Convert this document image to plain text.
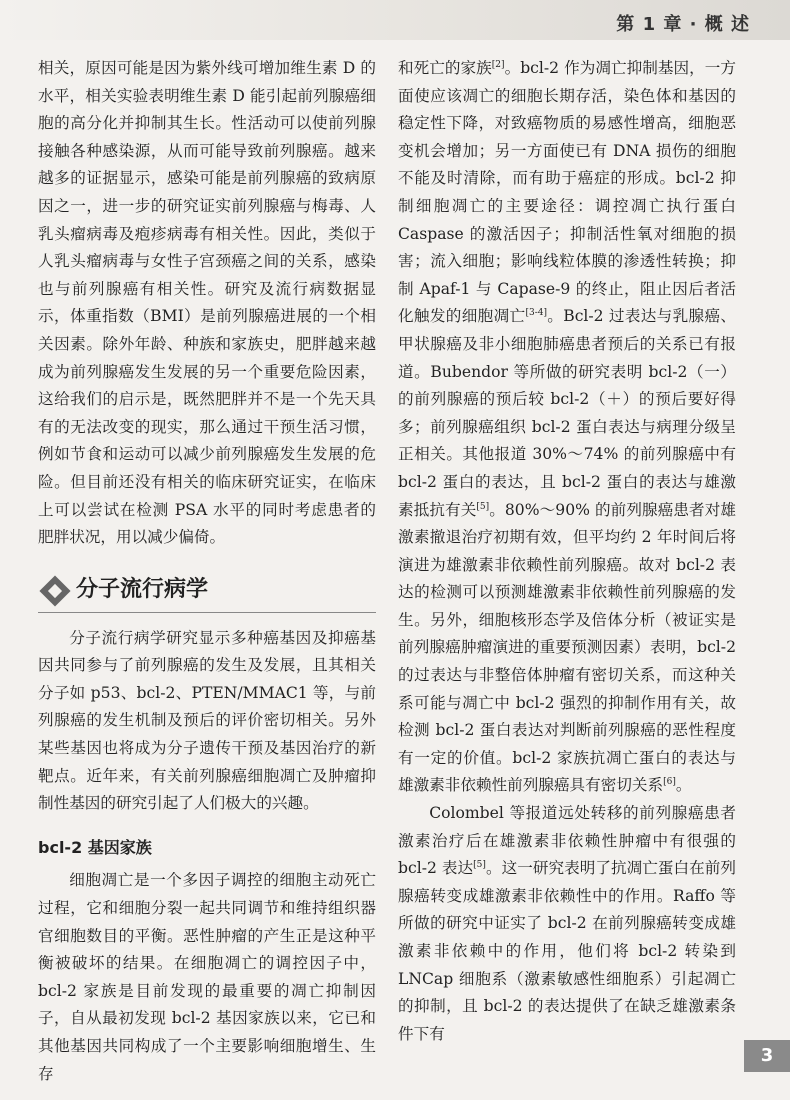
第 1 章 · 概 述

相关，原因可能是因为紫外线可增加维生素 D 的水平，相关实验表明维生素 D 能引起前列腺癌细胞的高分化并抑制其生长。性活动可以使前列腺接触各种感染源，从而可能导致前列腺癌。越来越多的证据显示，感染可能是前列腺癌的致病原因之一，进一步的研究证实前列腺癌与梅毒、人乳头瘤病毒及疱疹病毒有相关性。因此，类似于人乳头瘤病毒与女性子宫颈癌之间的关系，感染也与前列腺癌有相关性。研究及流行病数据显示，体重指数（BMI）是前列腺癌进展的一个相关因素。除外年龄、种族和家族史，肥胖越来越成为前列腺癌发生发展的另一个重要危险因素，这给我们的启示是，既然肥胖并不是一个先天具有的无法改变的现实，那么通过干预生活习惯，例如节食和运动可以减少前列腺癌发生发展的危险。但目前还没有相关的临床研究证实，在临床上可以尝试在检测 PSA 水平的同时考虑患者的肥胖状况，用以减少偏倚。

分子流行病学

分子流行病学研究显示多种癌基因及抑癌基因共同参与了前列腺癌的发生及发展，且其相关分子如 p53、bcl-2、PTEN/MMAC1 等，与前列腺癌的发生机制及预后的评价密切相关。另外某些基因也将成为分子遗传干预及基因治疗的新靶点。近年来，有关前列腺癌细胞凋亡及肿瘤抑制性基因的研究引起了人们极大的兴趣。

bcl-2 基因家族

细胞凋亡是一个多因子调控的细胞主动死亡过程，它和细胞分裂一起共同调节和维持组织器官细胞数目的平衡。恶性肿瘤的产生正是这种平衡被破坏的结果。在细胞凋亡的调控因子中，bcl-2 家族是目前发现的最重要的凋亡抑制因子，自从最初发现 bcl-2 基因家族以来，它已和其他基因共同构成了一个主要影响细胞增生、生存

和死亡的家族[2]。bcl-2 作为凋亡抑制基因，一方面使应该凋亡的细胞长期存活，染色体和基因的稳定性下降，对致癌物质的易感性增高，细胞恶变机会增加；另一方面使已有 DNA 损伤的细胞不能及时清除，而有助于癌症的形成。bcl-2 抑制细胞凋亡的主要途径：调控凋亡执行蛋白 Caspase 的激活因子；抑制活性氧对细胞的损害；流入细胞；影响线粒体膜的渗透性转换；抑制 Apaf-1 与 Capase-9 的终止，阻止因后者活化触发的细胞凋亡[3-4]。Bcl-2 过表达与乳腺癌、甲状腺癌及非小细胞肺癌患者预后的关系已有报道。Bubendor 等所做的研究表明 bcl-2（一）的前列腺癌的预后较 bcl-2（＋）的预后要好得多；前列腺癌组织 bcl-2 蛋白表达与病理分级呈正相关。其他报道 30%～74% 的前列腺癌中有 bcl-2 蛋白的表达，且 bcl-2 蛋白的表达与雄激素抵抗有关[5]。80%～90% 的前列腺癌患者对雄激素撤退治疗初期有效，但平均约 2 年时间后将演进为雄激素非依赖性前列腺癌。故对 bcl-2 表达的检测可以预测雄激素非依赖性前列腺癌的发生。另外，细胞核形态学及倍体分析（被证实是前列腺癌肿瘤演进的重要预测因素）表明，bcl-2 的过表达与非整倍体肿瘤有密切关系，而这种关系可能与凋亡中 bcl-2 强烈的抑制作用有关，故检测 bcl-2 蛋白表达对判断前列腺癌的恶性程度有一定的价值。bcl-2 家族抗凋亡蛋白的表达与雄激素非依赖性前列腺癌具有密切关系[6]。

Colombel 等报道远处转移的前列腺癌患者激素治疗后在雄激素非依赖性肿瘤中有很强的 bcl-2 表达[5]。这一研究表明了抗凋亡蛋白在前列腺癌转变成雄激素非依赖性中的作用。Raffo 等所做的研究中证实了 bcl-2 在前列腺癌转变成雄激素非依赖中的作用，他们将 bcl-2 转染到 LNCap 细胞系（激素敏感性细胞系）引起凋亡的抑制，且 bcl-2 的表达提供了在缺乏雄激素条件下有

3
